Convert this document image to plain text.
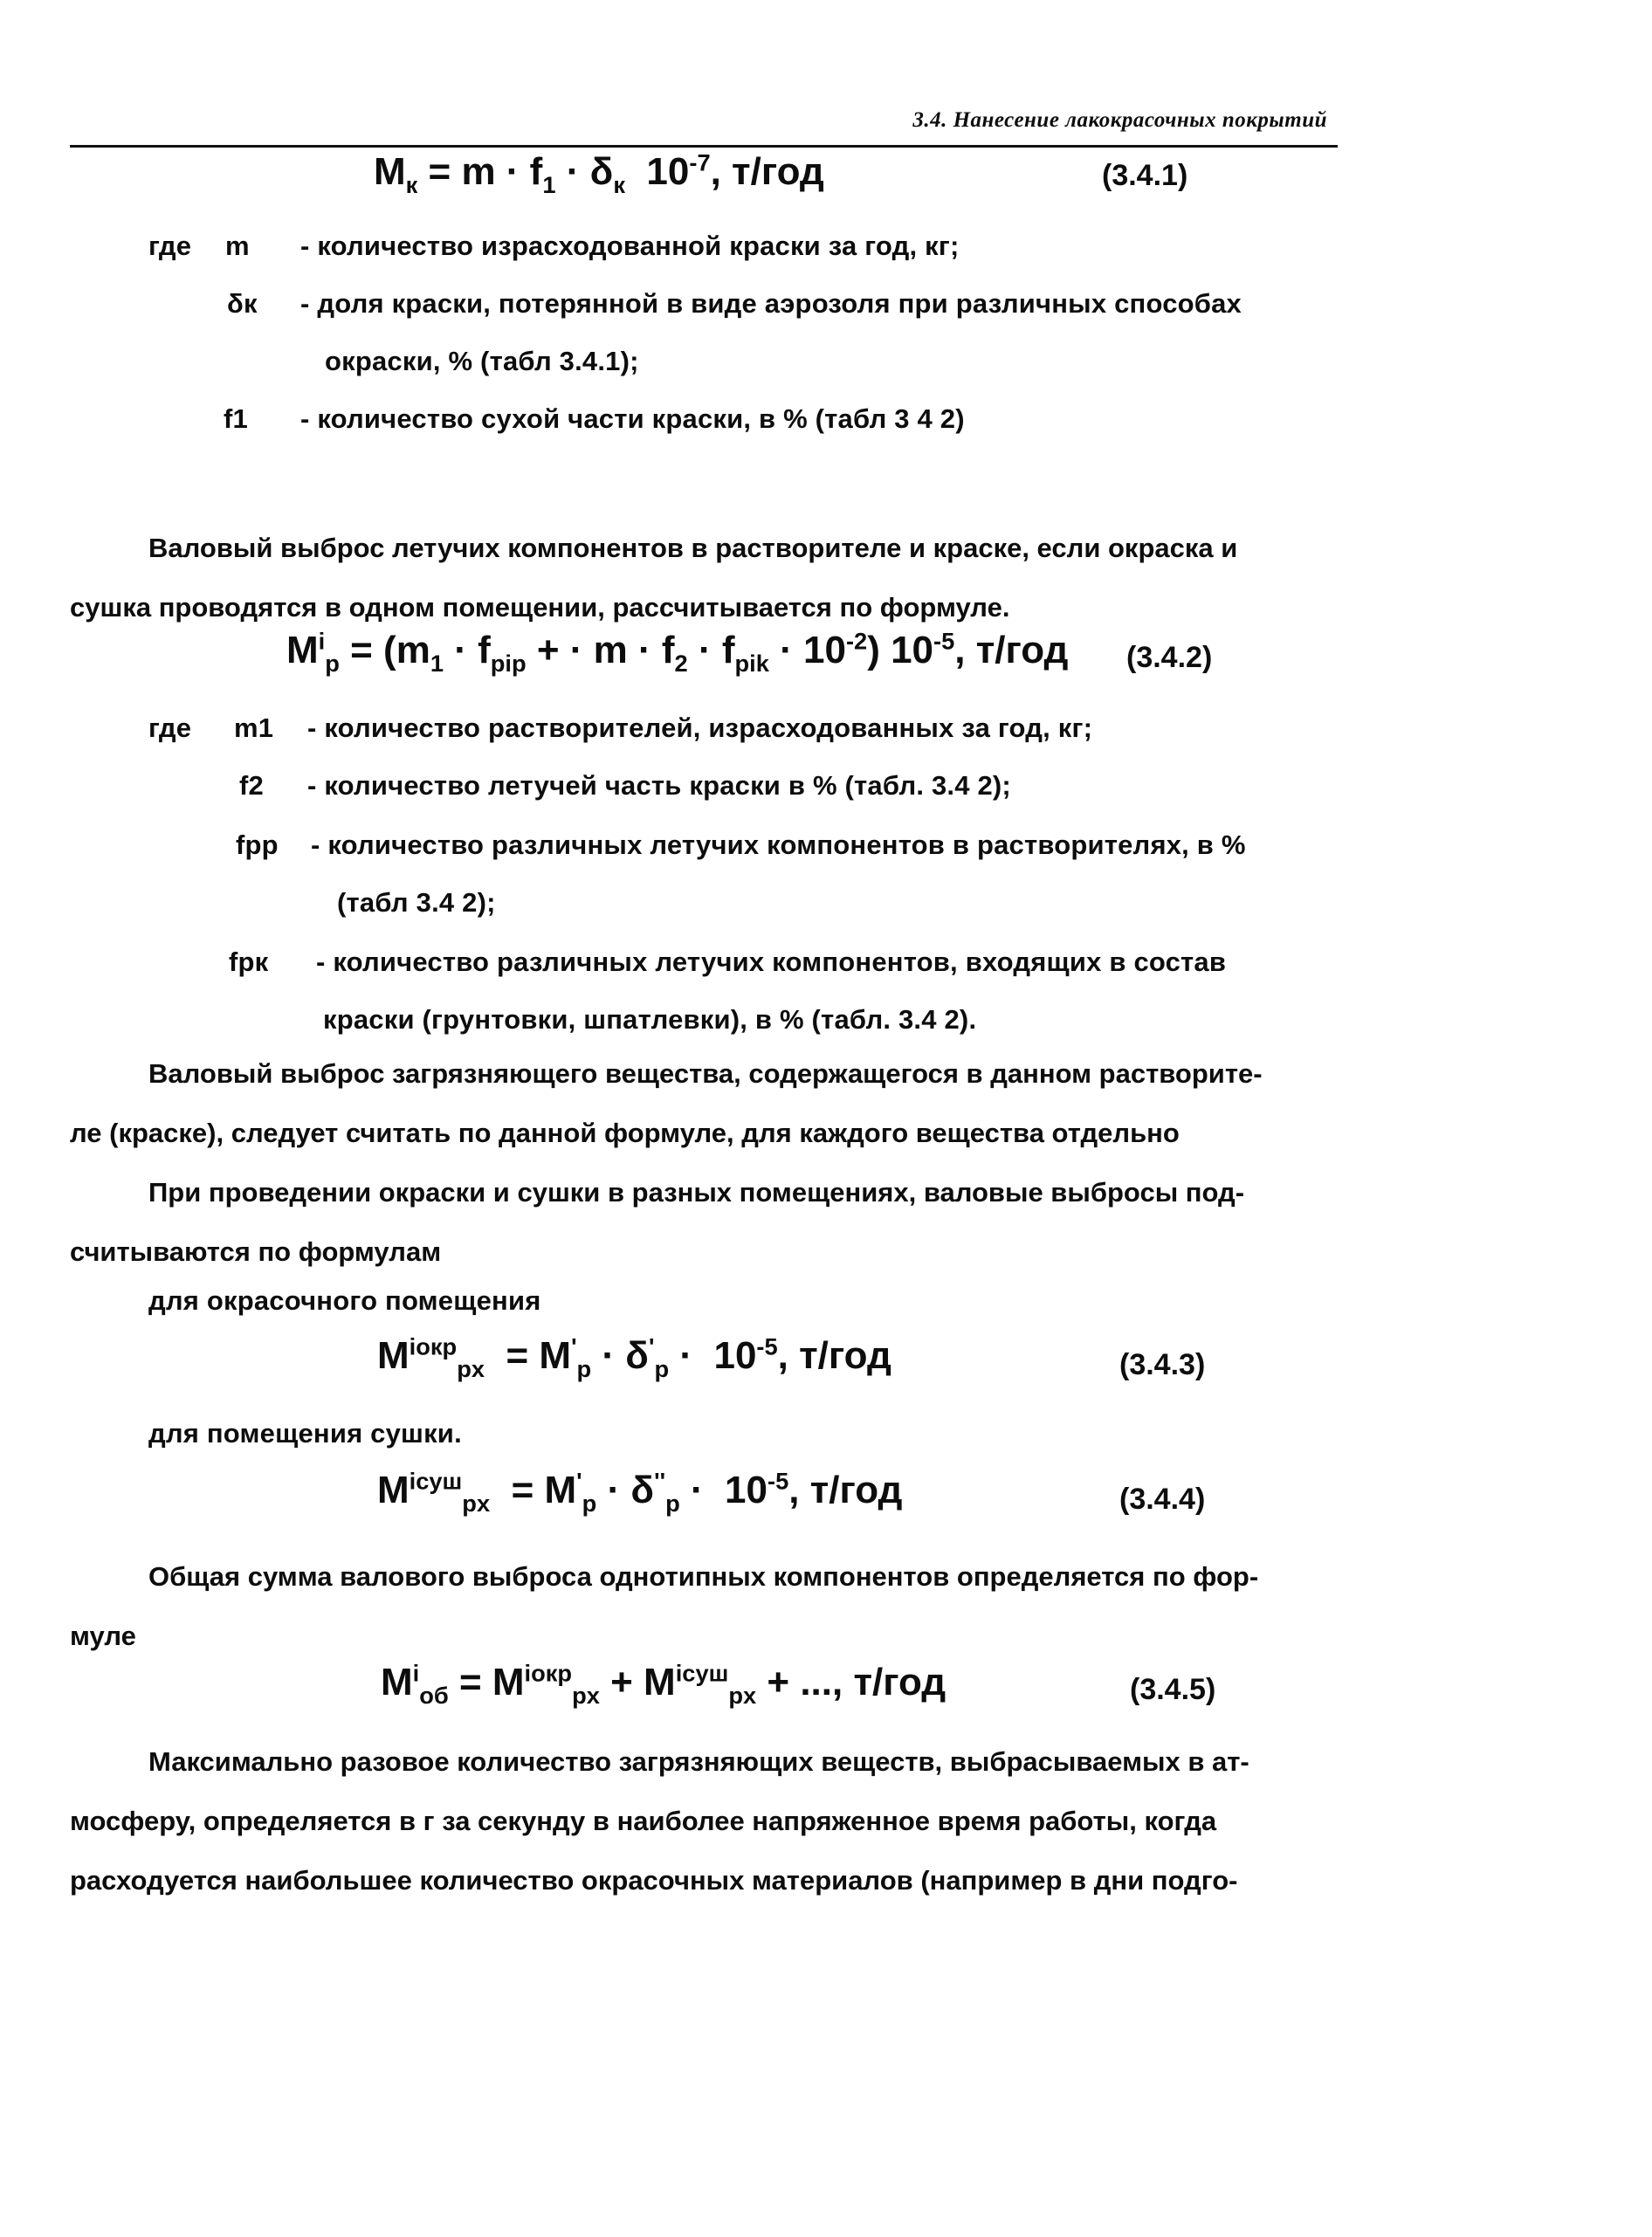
3.4. Нанесение лакокрасочных покрытий
$M_к = m \cdot f_1 \cdot \delta_к$  $10^{-7}$, т/год	(3.4.1)
где m - количество израсходованной краски за год, кг;
δк - доля краски, потерянной в виде аэрозоля при различных способах
окраски, % (табл 3.4.1);
f1 - количество сухой части краски, в % (табл 3 4 2)
Валовый выброс летучих компонентов в растворителе и краске, если окраска и
сушка проводятся в одном помещении, рассчитывается по формуле.
$M^i_p = (m_1 \cdot f_{pip}$ + · $m \cdot f_2 \cdot f_{pik} \cdot 10^{-2}$) $10^{-5}$, т/год (3.4.2)
где m1 - количество растворителей, израсходованных за год, кг;
f2 - количество летучей часть краски в % (табл. 3.4 2);
fрр - количество различных летучих компонентов в растворителях, в %
(табл 3.4 2);
fрк - количество различных летучих компонентов, входящих в состав
краски (грунтовки, шпатлевки), в % (табл. 3.4 2).
Валовый выброс загрязняющего вещества, содержащегося в данном растворите-
ле (краске), следует считать по данной формуле, для каждого вещества отдельно
При проведении окраски и сушки в разных помещениях, валовые выбросы под-
считываются по формулам
для окрасочного помещения
$M^{iокр}_{px} = M'_p \cdot \delta'_p \cdot 10^{-5}$, т/год	(3.4.3)
для помещения сушки.
$M^{iсуш}_{px} = M'_p \cdot \delta''_p \cdot 10^{-5}$, т/год	(3.4.4)
Общая сумма валового выброса однотипных компонентов определяется по фор-
муле
$M^i_{об} = M^{iокр}_{px} + M^{iсуш}_{px}$ + ..., т/год	(3.4.5)
Максимально разовое количество загрязняющих веществ, выбрасываемых в ат-
мосферу, определяется в г за секунду в наиболее напряженное время работы, когда
расходуется наибольшее количество окрасочных материалов (например в дни подго-
